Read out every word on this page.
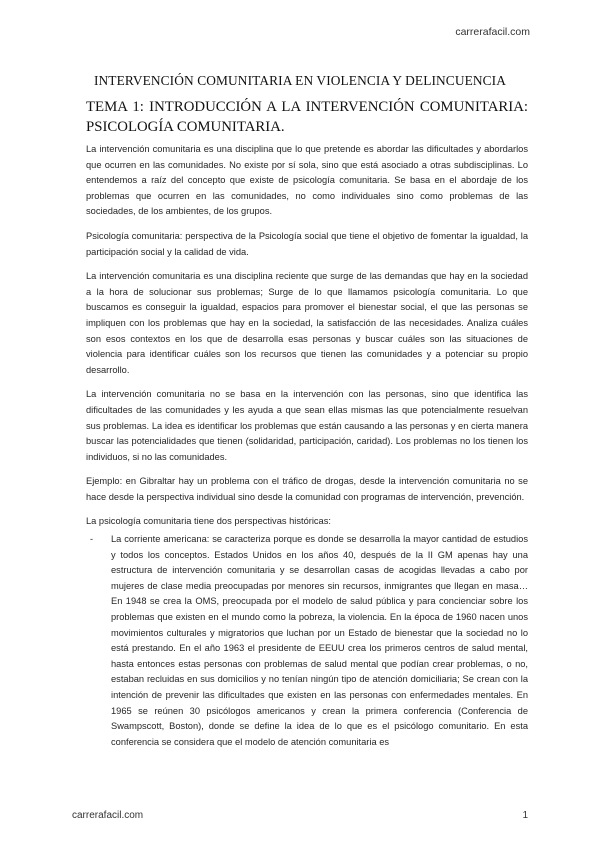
carrerafacil.com
INTERVENCIÓN COMUNITARIA EN VIOLENCIA Y DELINCUENCIA
TEMA 1: INTRODUCCIÓN A LA INTERVENCIÓN COMUNITARIA: PSICOLOGÍA COMUNITARIA.

La intervención comunitaria es una disciplina que lo que pretende es abordar las dificultades y abordarlos que ocurren en las comunidades. No existe por sí sola, sino que está asociado a otras subdisciplinas. Lo entendemos a raíz del concepto que existe de psicología comunitaria. Se basa en el abordaje de los problemas que ocurren en las comunidades, no como individuales sino como problemas de las sociedades, de los ambientes, de los grupos.

Psicología comunitaria: perspectiva de la Psicología social que tiene el objetivo de fomentar la igualdad, la participación social y la calidad de vida.

La intervención comunitaria es una disciplina reciente que surge de las demandas que hay en la sociedad a la hora de solucionar sus problemas; Surge de lo que llamamos psicología comunitaria. Lo que buscamos es conseguir la igualdad, espacios para promover el bienestar social, el que las personas se impliquen con los problemas que hay en la sociedad, la satisfacción de las necesidades. Analiza cuáles son esos contextos en los que de desarrolla esas personas y buscar cuáles son las situaciones de violencia para identificar cuáles son los recursos que tienen las comunidades y a potenciar su propio desarrollo.

La intervención comunitaria no se basa en la intervención con las personas, sino que identifica las dificultades de las comunidades y les ayuda a que sean ellas mismas las que potencialmente resuelvan sus problemas. La idea es identificar los problemas que están causando a las personas y en cierta manera buscar las potencialidades que tienen (solidaridad, participación, caridad). Los problemas no los tienen los individuos, si no las comunidades.

Ejemplo: en Gibraltar hay un problema con el tráfico de drogas, desde la intervención comunitaria no se hace desde la perspectiva individual sino desde la comunidad con programas de intervención, prevención.

La psicología comunitaria tiene dos perspectivas históricas:

- La corriente americana: se caracteriza porque es donde se desarrolla la mayor cantidad de estudios y todos los conceptos. Estados Unidos en los años 40, después de la II GM apenas hay una estructura de intervención comunitaria y se desarrollan casas de acogidas llevadas a cabo por mujeres de clase media preocupadas por menores sin recursos, inmigrantes que llegan en masa… En 1948 se crea la OMS, preocupada por el modelo de salud pública y para concienciar sobre los problemas que existen en el mundo como la pobreza, la violencia. En la época de 1960 nacen unos movimientos culturales y migratorios que luchan por un Estado de bienestar que la sociedad no lo está prestando. En el año 1963 el presidente de EEUU crea los primeros centros de salud mental, hasta entonces estas personas con problemas de salud mental que podían crear problemas, o no, estaban recluidas en sus domicilios y no tenían ningún tipo de atención domiciliaria; Se crean con la intención de prevenir las dificultades que existen en las personas con enfermedades mentales. En 1965 se reúnen 30 psicólogos americanos y crean la primera conferencia (Conferencia de Swampscott, Boston), donde se define la idea de lo que es el psicólogo comunitario. En esta conferencia se considera que el modelo de atención comunitaria es
carrerafacil.com	1
